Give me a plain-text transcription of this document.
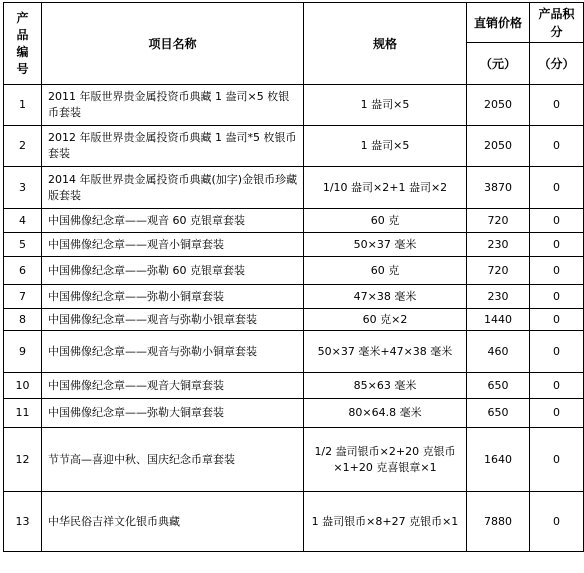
产
品
编
号	项目名称	规格	直销价格	产品积分
			（元）	（分）
1	2011 年版世界贵金属投资币典藏 1 盎司×5 枚银币套装	1 盎司×5	2050	0
2	2012 年版世界贵金属投资币典藏 1 盎司*5 枚银币套装	1 盎司×5	2050	0
3	2014 年版世界贵金属投资币典藏(加字)金银币珍藏版套装	1/10 盎司×2+1 盎司×2	3870	0
4	中国佛像纪念章——观音 60 克银章套装	60 克	720	0
5	中国佛像纪念章——观音小铜章套装	50×37 毫米	230	0
6	中国佛像纪念章——弥勒 60 克银章套装	60 克	720	0
7	中国佛像纪念章——弥勒小铜章套装	47×38 毫米	230	0
8	中国佛像纪念章——观音与弥勒小银章套装	60 克×2	1440	0
9	中国佛像纪念章——观音与弥勒小铜章套装	50×37 毫米+47×38 毫米	460	0
10	中国佛像纪念章——观音大铜章套装	85×63 毫米	650	0
11	中国佛像纪念章——弥勒大铜章套装	80×64.8 毫米	650	0
12	节节高—喜迎中秋、国庆纪念币章套装	1/2 盎司银币×2+20 克银币×1+20 克喜银章×1	1640	0
13	中华民俗吉祥文化银币典藏	1 盎司银币×8+27 克银币×1	7880	0
